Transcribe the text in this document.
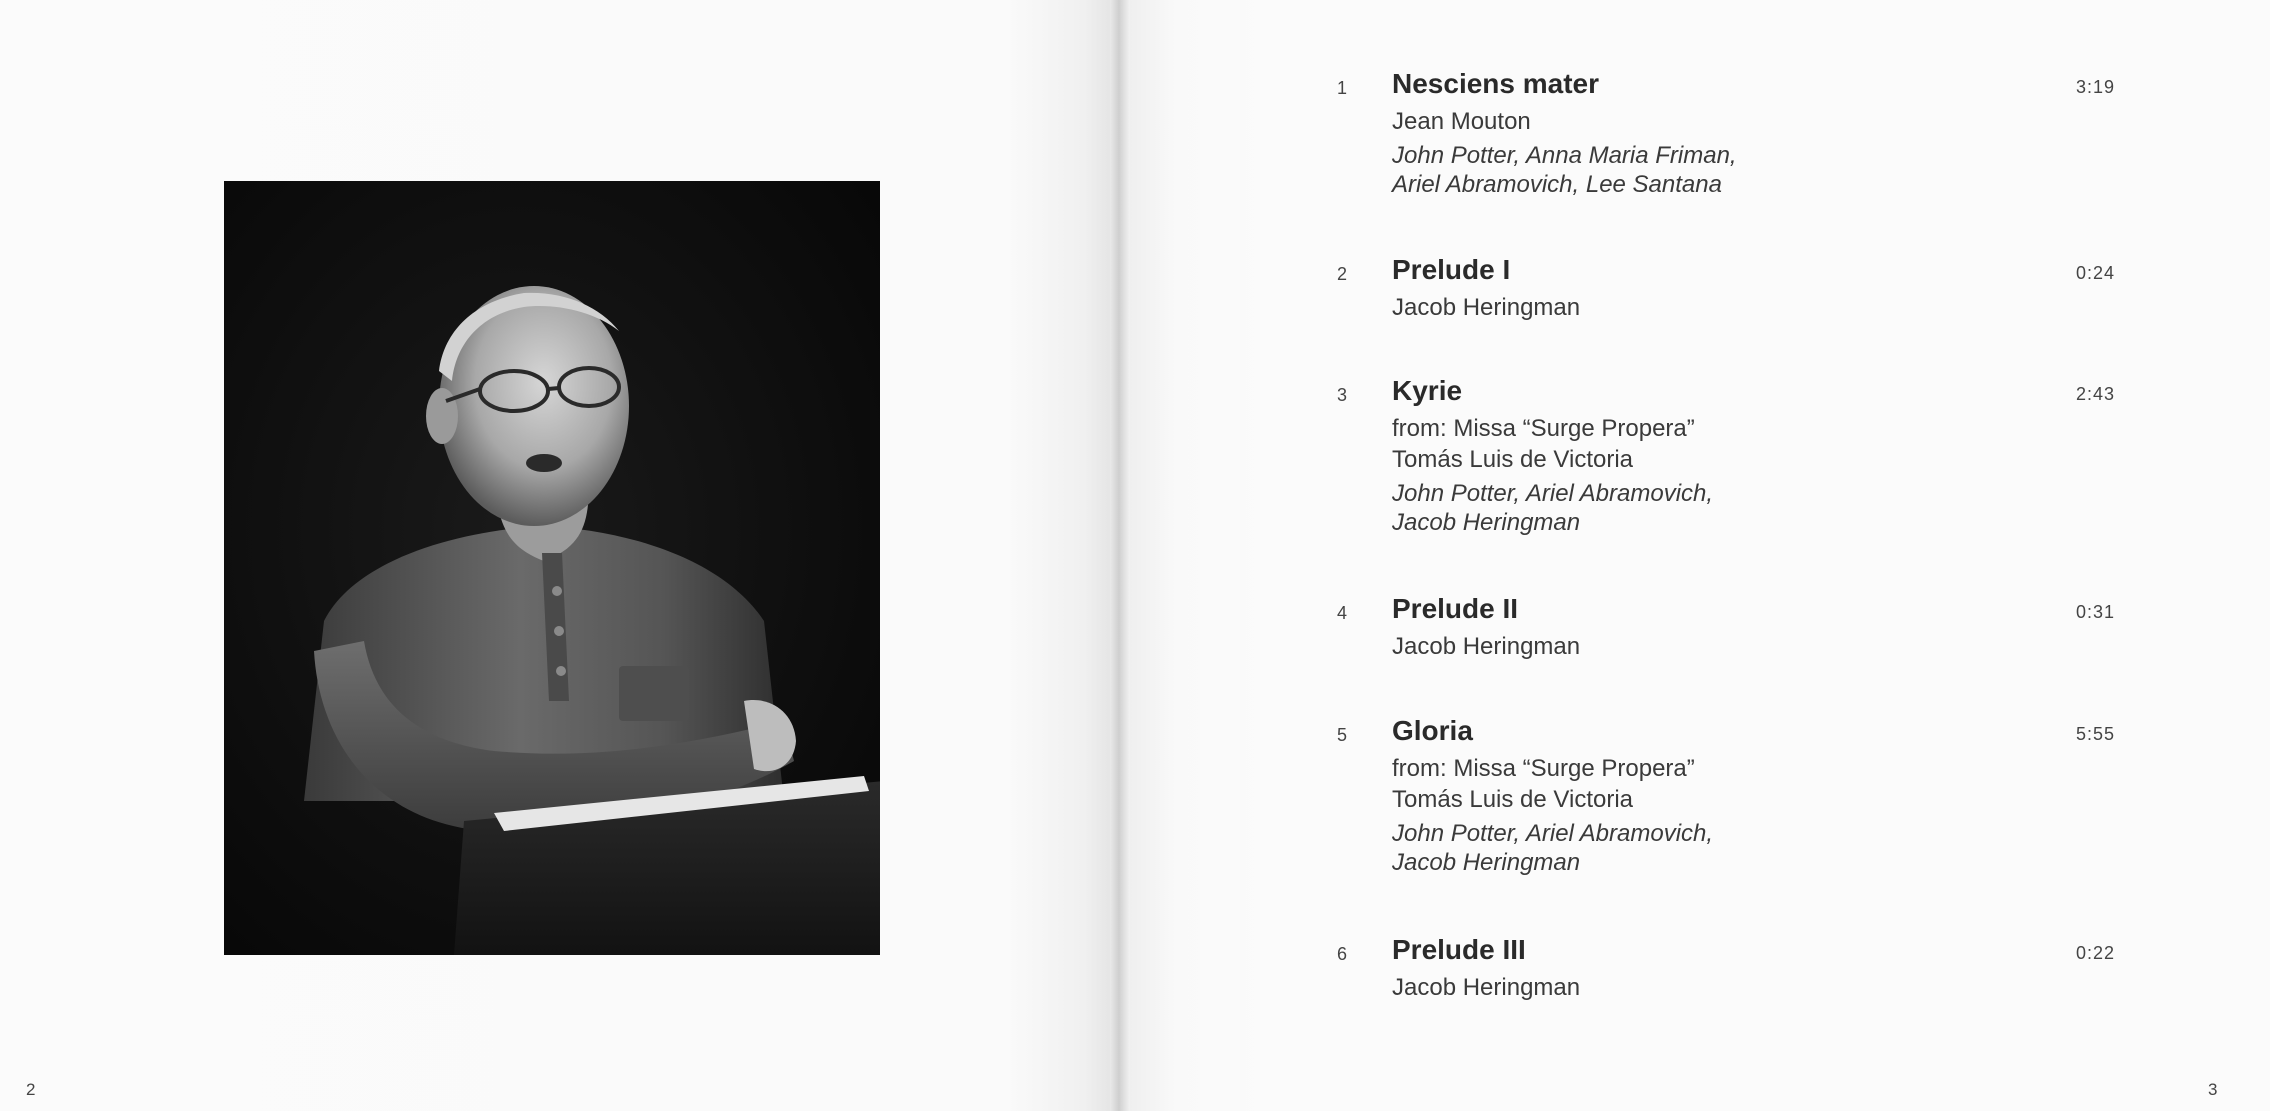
2
1 Nesciens mater	3:19
Jean Mouton
John Potter, Anna Maria Friman,
Ariel Abramovich, Lee Santana
2 Prelude I	0:24
Jacob Heringman
3 Kyrie	2:43
from: Missa “Surge Propera”
Tomás Luis de Victoria
John Potter, Ariel Abramovich,
Jacob Heringman
4 Prelude II	0:31
Jacob Heringman
5 Gloria	5:55
from: Missa “Surge Propera”
Tomás Luis de Victoria
John Potter, Ariel Abramovich,
Jacob Heringman
6 Prelude III	0:22
Jacob Heringman
3
